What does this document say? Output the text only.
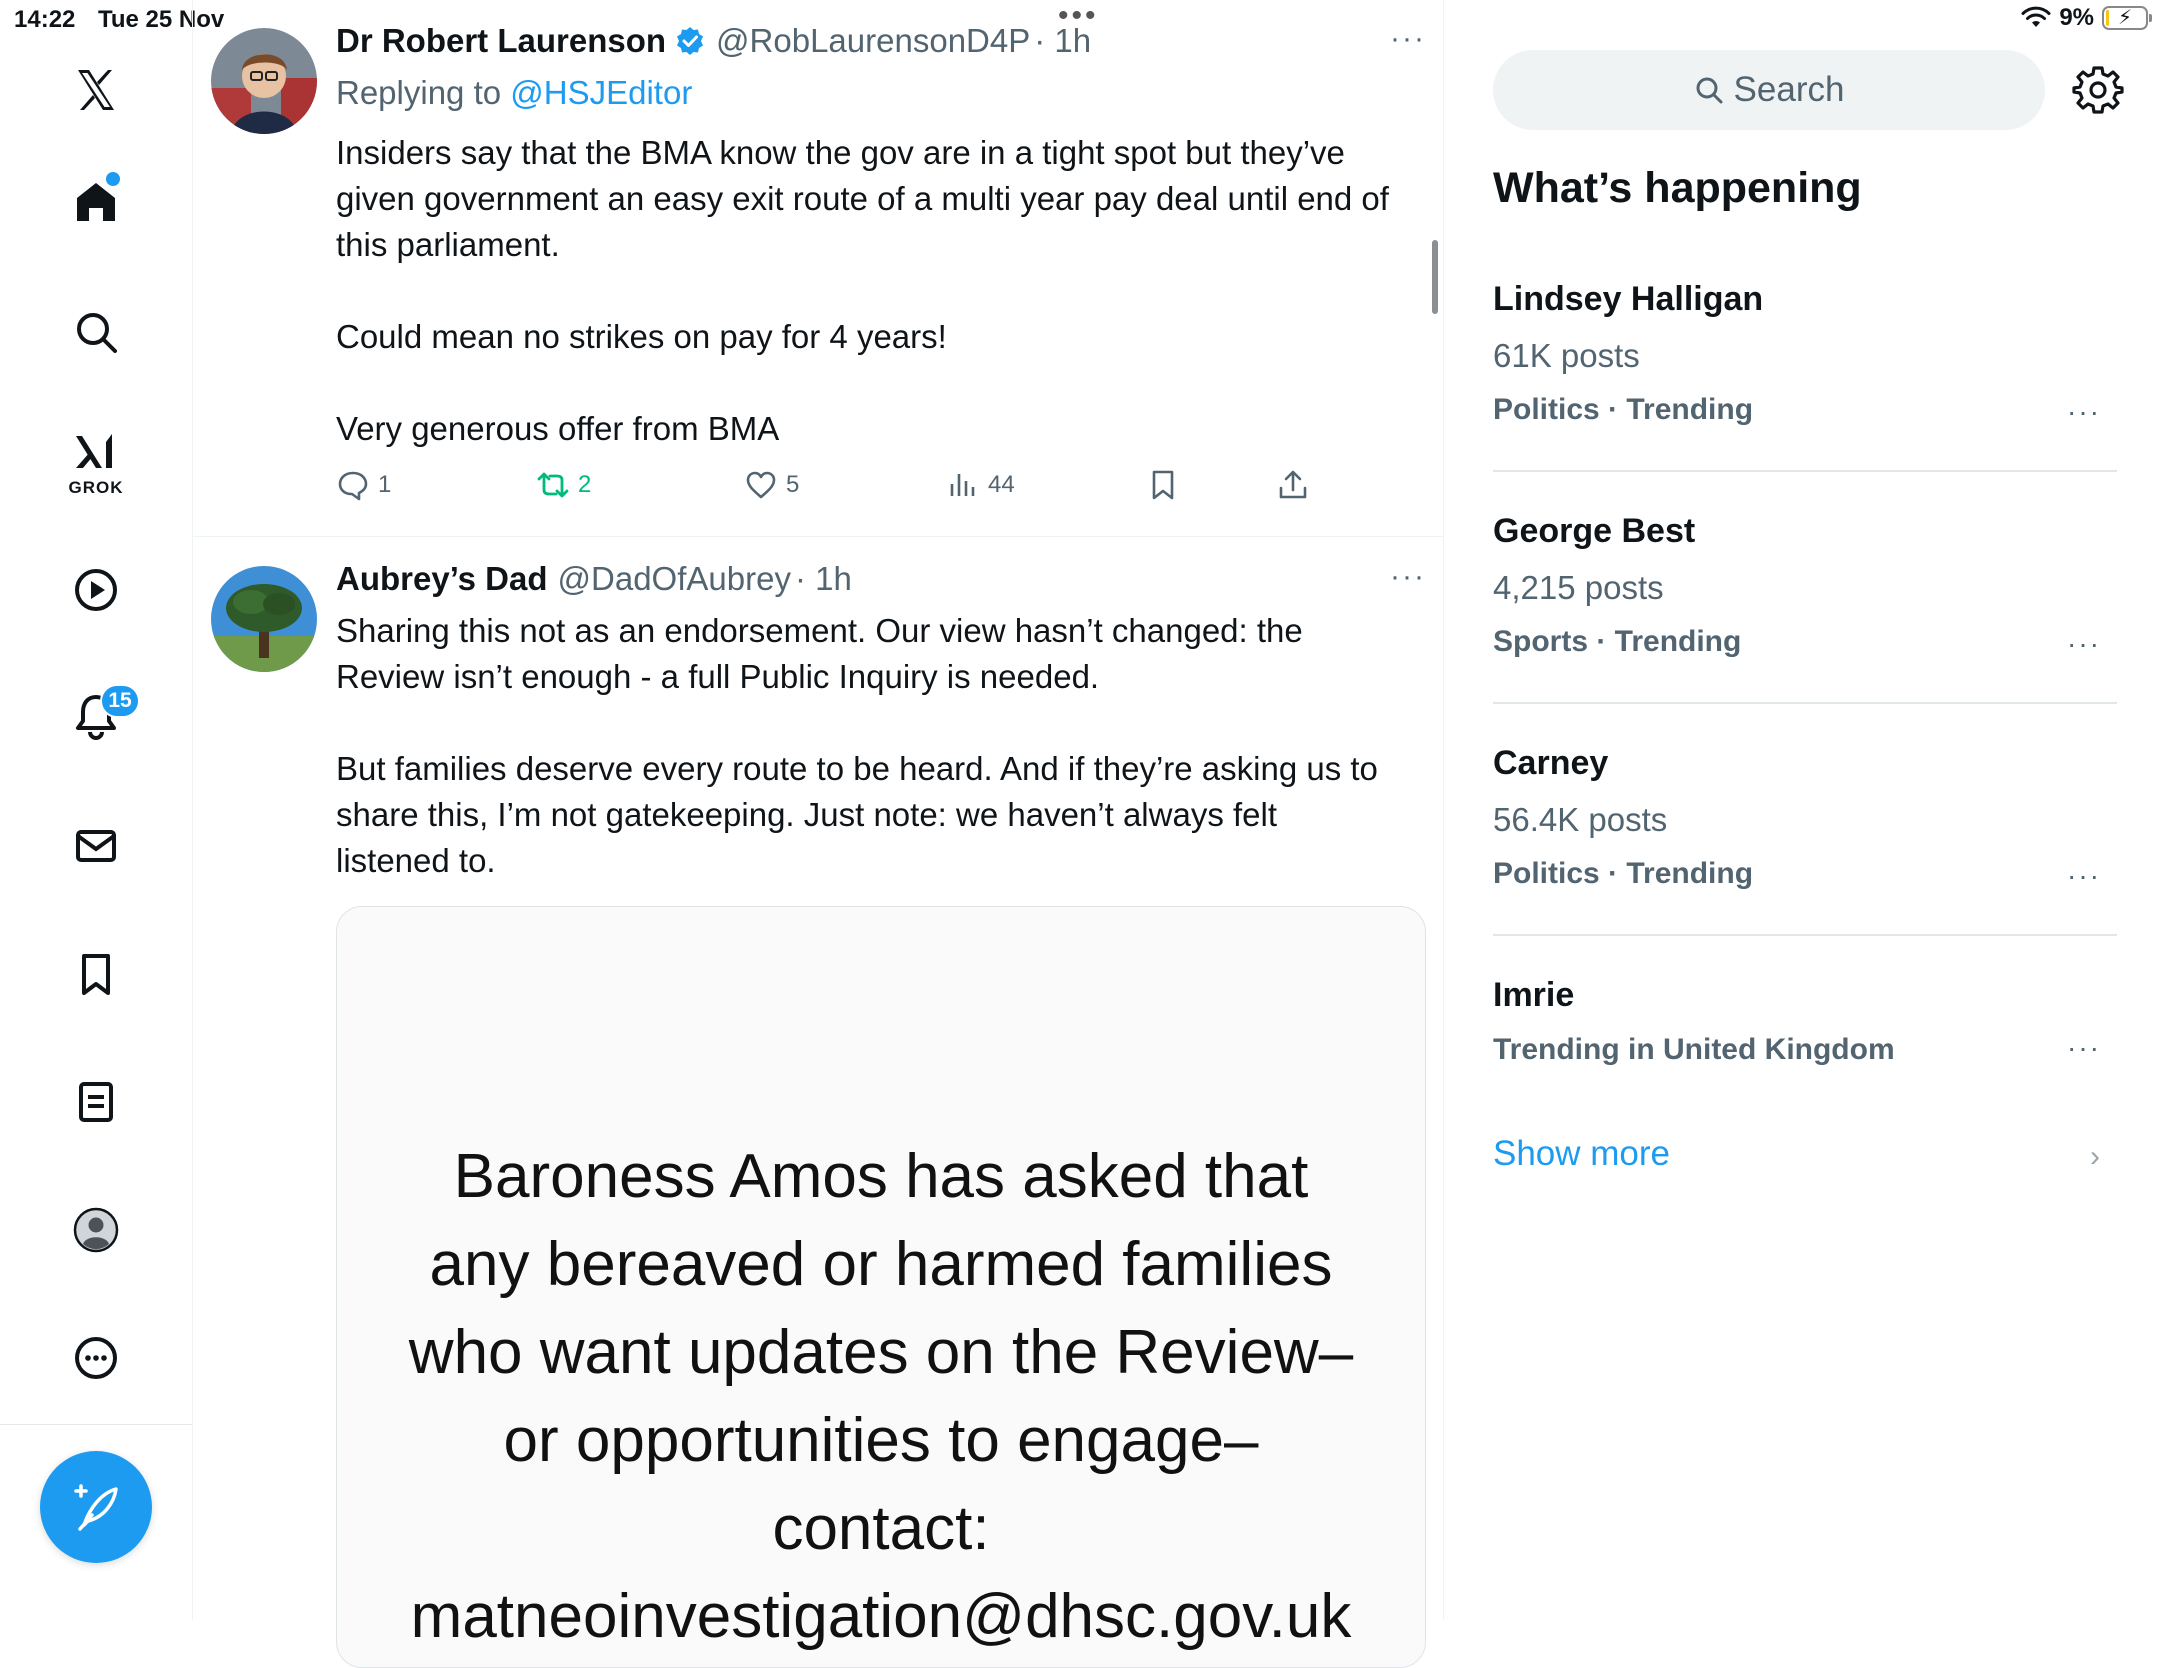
14:22 Tue 25 Nov	•••	9%	⚡
GROK
15
Dr Robert Laurenson @RobLaurensonD4P · 1h	···
Replying to @HSJEditor
Insiders say that the BMA know the gov are in a tight spot but they’ve
given government an easy exit route of a multi year pay deal until end of
this parliament.

Could mean no strikes on pay for 4 years!

Very generous offer from BMA
1	2	5	44
Aubrey’s Dad @DadOfAubrey · 1h	···
Sharing this not as an endorsement. Our view hasn’t changed: the
Review isn’t enough - a full Public Inquiry is needed.

But families deserve every route to be heard. And if they’re asking us to
share this, I’m not gatekeeping. Just note: we haven’t always felt
listened to.
Baroness Amos has asked that
any bereaved or harmed families
who want updates on the Review–
or opportunities to engage–
contact:
matneoinvestigation@dhsc.gov.uk
Search
What’s happening
Lindsey Halligan
61K posts
Politics · Trending	···
George Best
4,215 posts
Sports · Trending	···
Carney
56.4K posts
Politics · Trending	···
Imrie
Trending in United Kingdom	···
Show more	›
